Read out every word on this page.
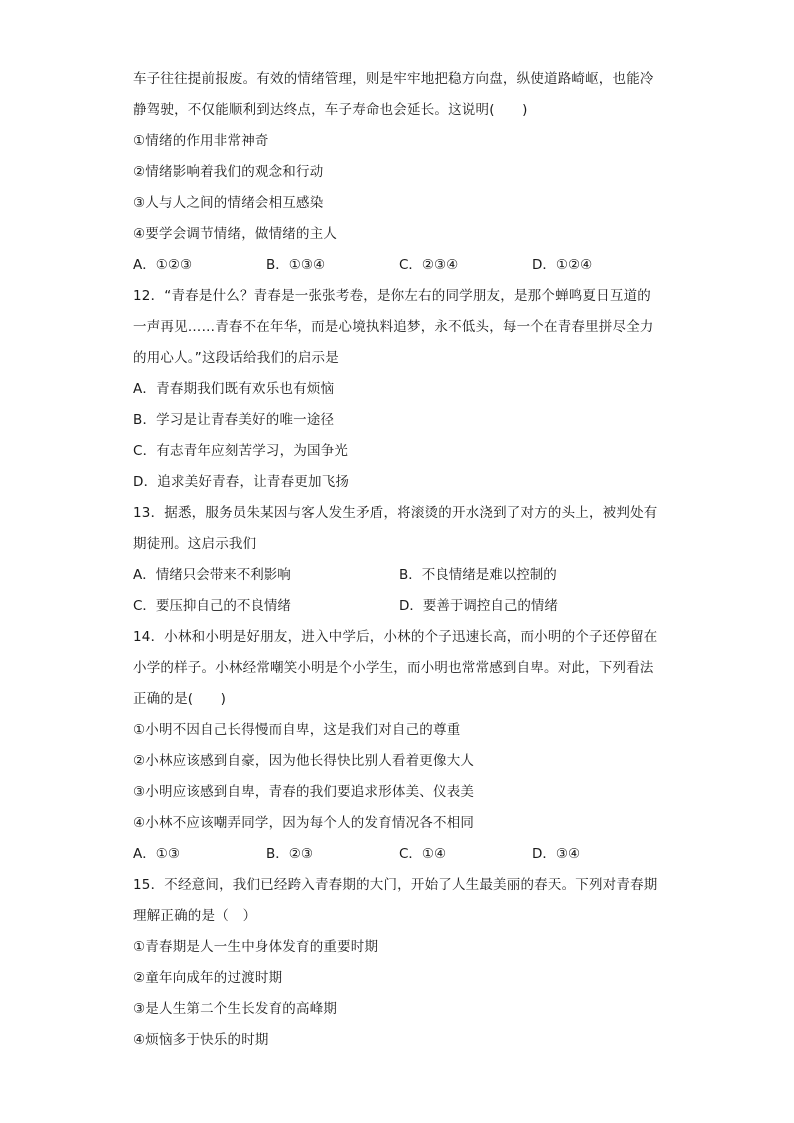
车子往往提前报废。有效的情绪管理，则是牢牢地把稳方向盘，纵使道路崎岖，也能冷
静驾驶，不仅能顺利到达终点，车子寿命也会延长。这说明(　　)
①情绪的作用非常神奇
②情绪影响着我们的观念和行动
③人与人之间的情绪会相互感染
④要学会调节情绪，做情绪的主人
A．①②③	B．①③④	C．②③④	D．①②④
12．“青春是什么？青春是一张张考卷，是你左右的同学朋友，是那个蝉鸣夏日互道的
一声再见……青春不在年华，而是心境执料追梦，永不低头，每一个在青春里拼尽全力
的用心人。”这段话给我们的启示是
A．青春期我们既有欢乐也有烦恼
B．学习是让青春美好的唯一途径
C．有志青年应刻苦学习，为国争光
D．追求美好青春，让青春更加飞扬
13．据悉，服务员朱某因与客人发生矛盾，将滚烫的开水浇到了对方的头上，被判处有
期徒刑。这启示我们
A．情绪只会带来不利影响	B．不良情绪是难以控制的
C．要压抑自己的不良情绪	D．要善于调控自己的情绪
14．小林和小明是好朋友，进入中学后，小林的个子迅速长高，而小明的个子还停留在
小学的样子。小林经常嘲笑小明是个小学生，而小明也常常感到自卑。对此，下列看法
正确的是(　　)
①小明不因自己长得慢而自卑，这是我们对自己的尊重
②小林应该感到自豪，因为他长得快比别人看着更像大人
③小明应该感到自卑，青春的我们要追求形体美、仪表美
④小林不应该嘲弄同学，因为每个人的发育情况各不相同
A．①③	B．②③	C．①④	D．③④
15．不经意间，我们已经跨入青春期的大门，开始了人生最美丽的春天。下列对青春期
理解正确的是（　）
①青春期是人一生中身体发育的重要时期
②童年向成年的过渡时期
③是人生第二个生长发育的高峰期
④烦恼多于快乐的时期
